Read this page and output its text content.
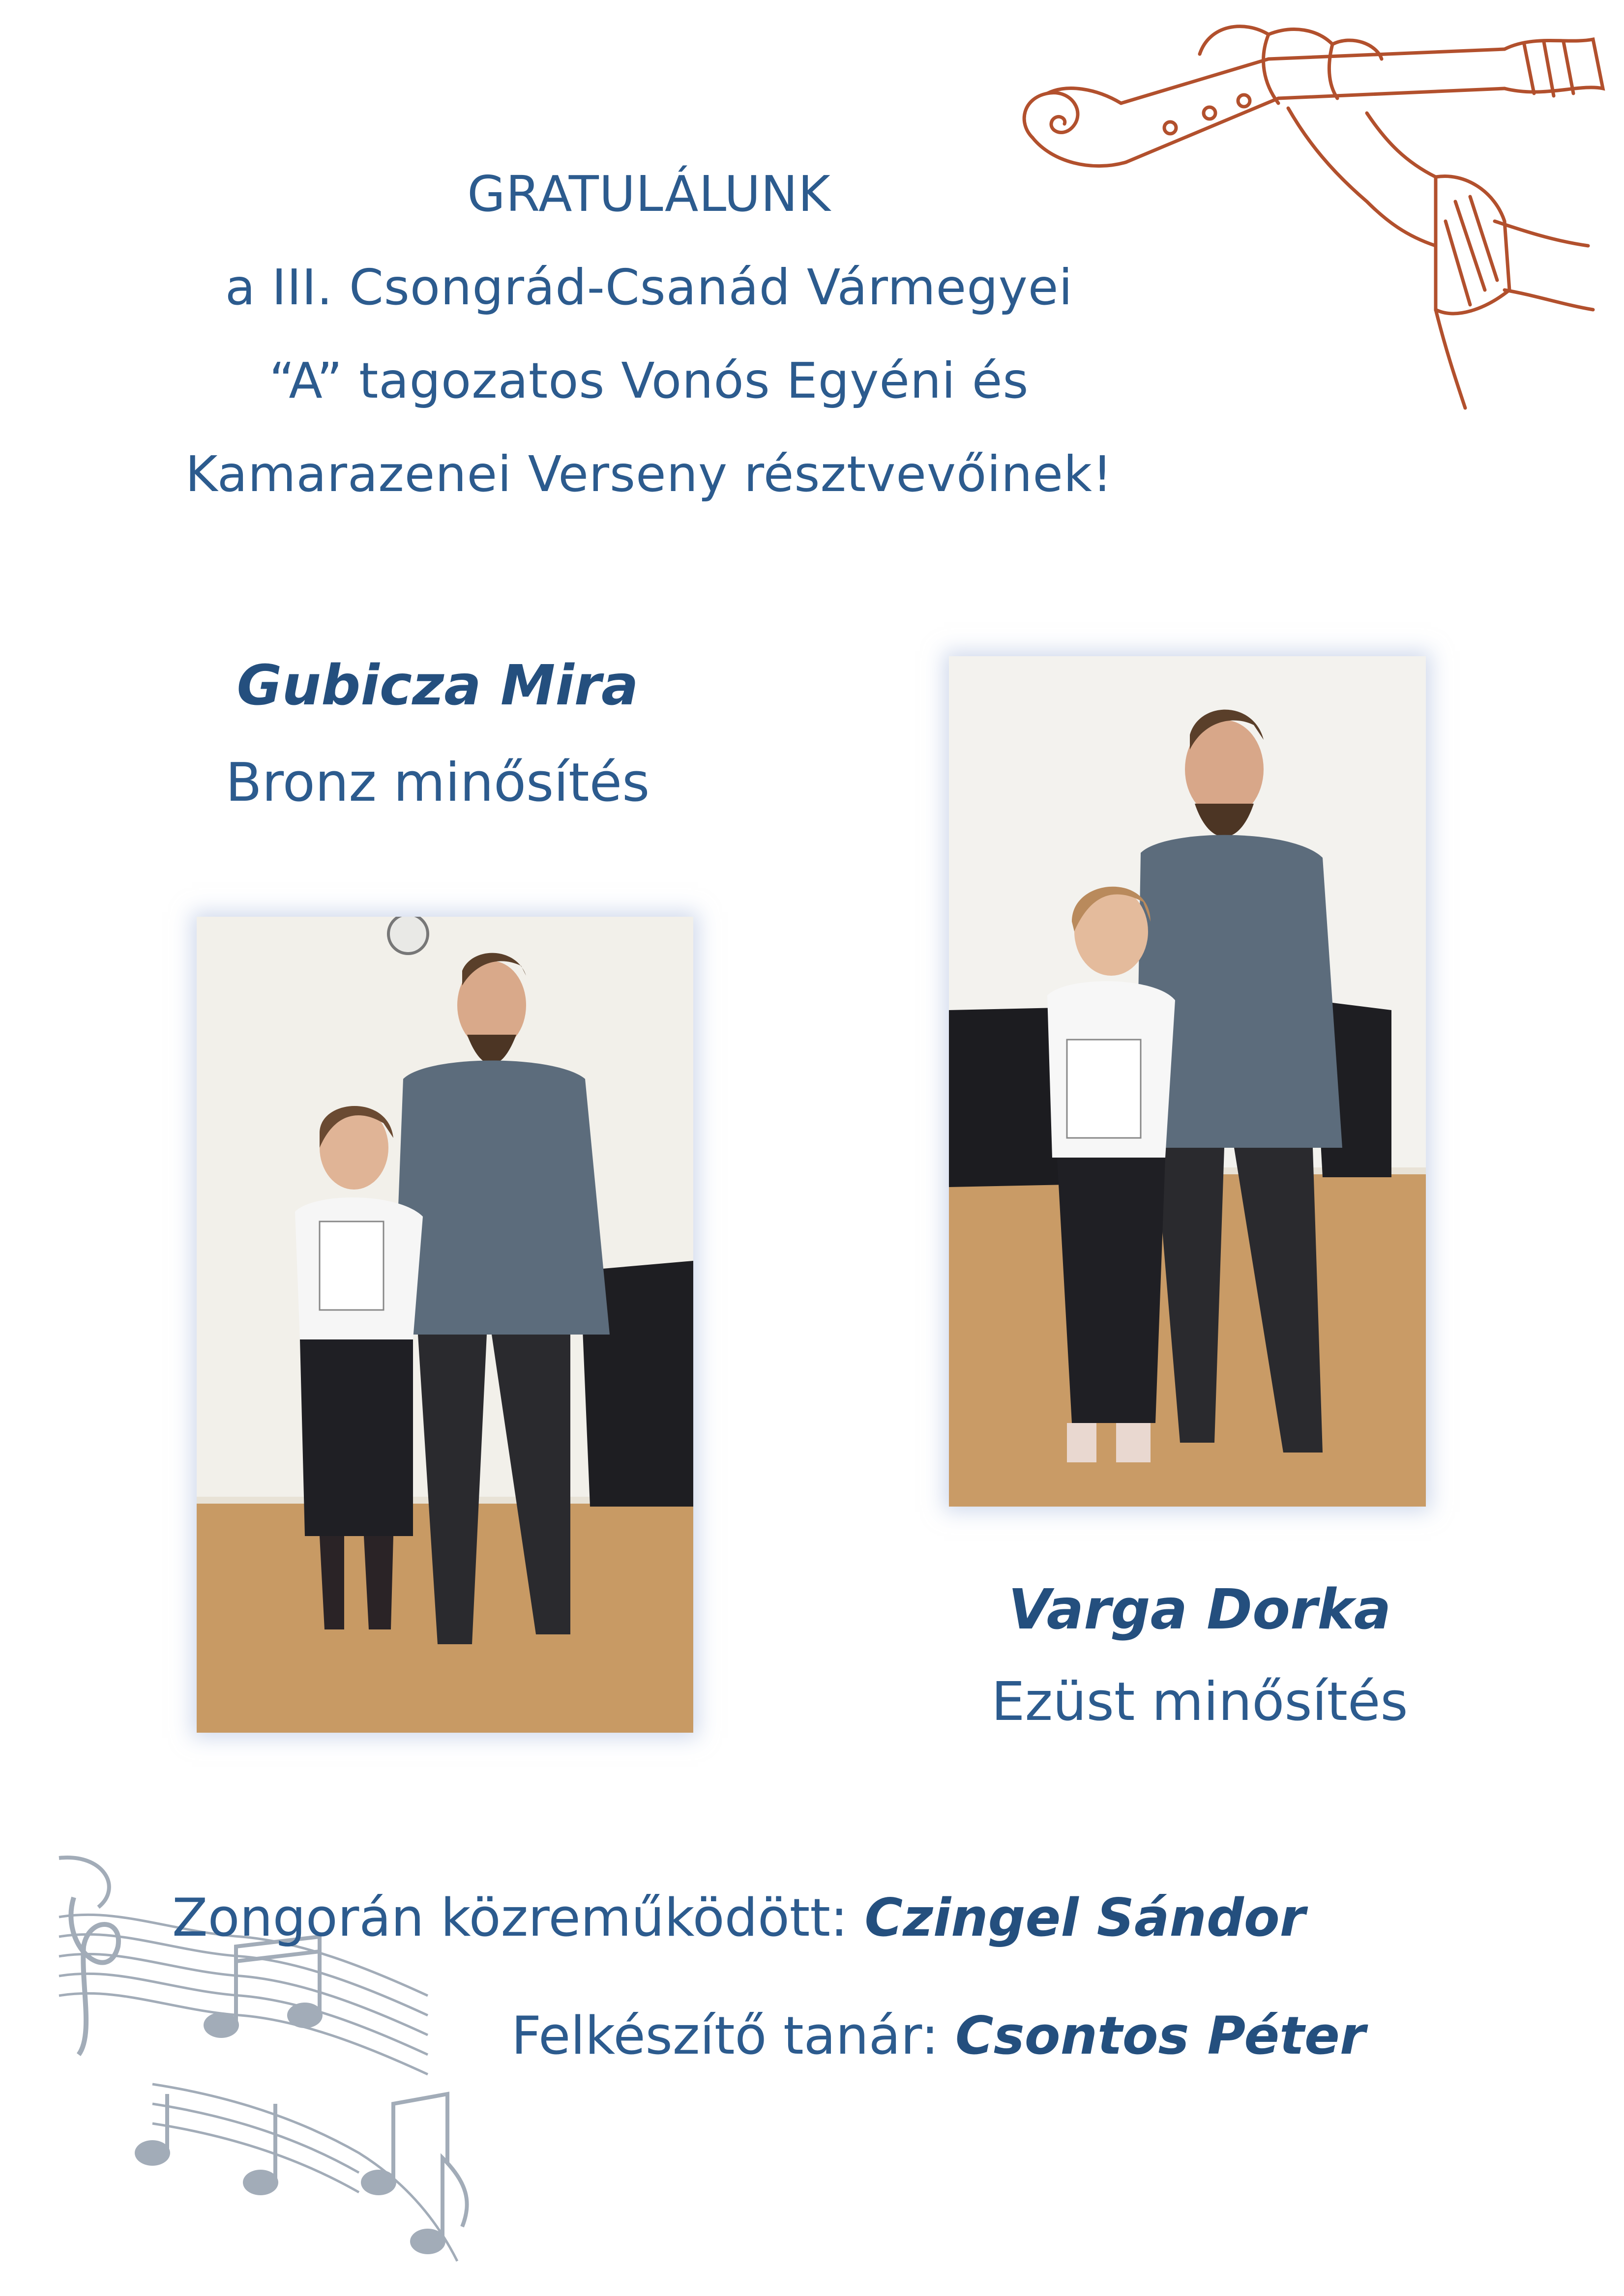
GRATULÁLUNK
a III. Csongrád-Csanád Vármegyei
“A” tagozatos Vonós Egyéni és
Kamarazenei Verseny résztvevőinek!
Gubicza Mira
Bronz minősítés
Varga Dorka
Ezüst minősítés
Zongorán közreműködött: Czingel Sándor
Felkészítő tanár: Csontos Péter
